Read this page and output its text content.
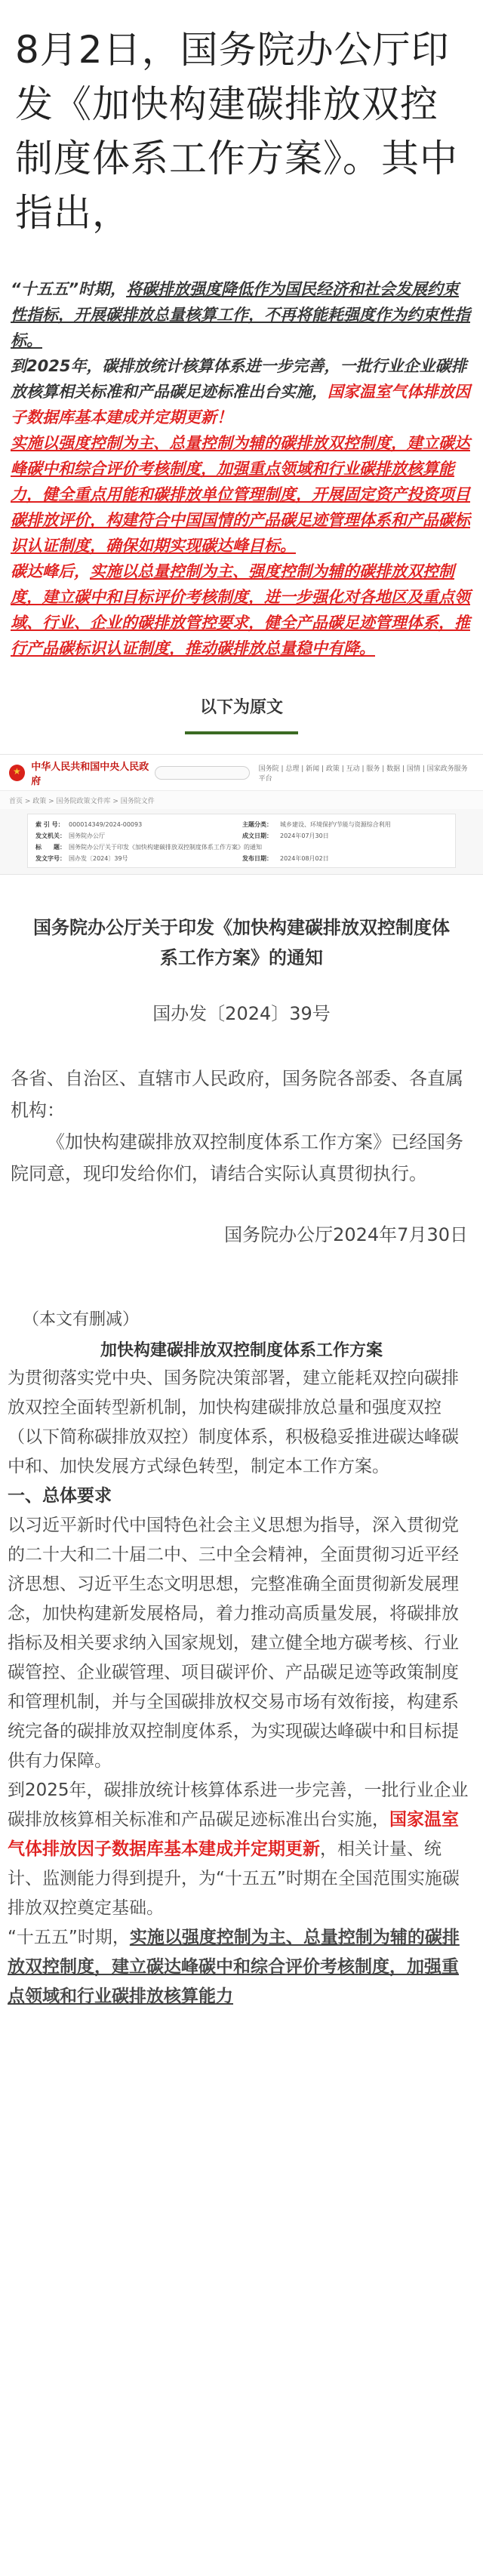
8月2日，国务院办公厅印发《加快构建碳排放双控制度体系工作方案》。其中指出，

“十五五”时期，将碳排放强度降低作为国民经济和社会发展约束性指标，开展碳排放总量核算工作，不再将能耗强度作为约束性指标。

到2025年，碳排放统计核算体系进一步完善，一批行业企业碳排放核算相关标准和产品碳足迹标准出台实施，国家温室气体排放因子数据库基本建成并定期更新！

实施以强度控制为主、总量控制为辅的碳排放双控制度，建立碳达峰碳中和综合评价考核制度，加强重点领域和行业碳排放核算能力，健全重点用能和碳排放单位管理制度，开展固定资产投资项目碳排放评价，构建符合中国国情的产品碳足迹管理体系和产品碳标识认证制度，确保如期实现碳达峰目标。

碳达峰后，实施以总量控制为主、强度控制为辅的碳排放双控制度，建立碳中和目标评价考核制度，进一步强化对各地区及重点领域、行业、企业的碳排放管控要求，健全产品碳足迹管理体系，推行产品碳标识认证制度，推动碳排放总量稳中有降。

以下为原文
★
中华人民共和国中央人民政府
国务院 | 总理 | 新闻 | 政策 | 互动 | 服务 | 数据 | 国情 | 国家政务服务平台
首页 > 政策 > 国务院政策文件库 > 国务院文件
索 引 号： 000014349/2024-00093	主题分类：	城乡建设、环境保护/节能与资源综合利用
发文机关： 国务院办公厅	成文日期：	2024年07月30日
标　　题： 国务院办公厅关于印发《加快构建碳排放双控制度体系工作方案》的通知
发文字号： 国办发〔2024〕39号	发布日期：	2024年08月02日
国务院办公厅关于印发《加快构建碳排放双控制度体系工作方案》的通知
国办发〔2024〕39号
各省、自治区、直辖市人民政府，国务院各部委、各直属机构：
《加快构建碳排放双控制度体系工作方案》已经国务院同意，现印发给你们，请结合实际认真贯彻执行。
国务院办公厅2024年7月30日
（本文有删减）
加快构建碳排放双控制度体系工作方案

为贯彻落实党中央、国务院决策部署，建立能耗双控向碳排放双控全面转型新机制，加快构建碳排放总量和强度双控（以下简称碳排放双控）制度体系，积极稳妥推进碳达峰碳中和、加快发展方式绿色转型，制定本工作方案。

一、总体要求

以习近平新时代中国特色社会主义思想为指导，深入贯彻党的二十大和二十届二中、三中全会精神，全面贯彻习近平经济思想、习近平生态文明思想，完整准确全面贯彻新发展理念，加快构建新发展格局，着力推动高质量发展，将碳排放指标及相关要求纳入国家规划，建立健全地方碳考核、行业碳管控、企业碳管理、项目碳评价、产品碳足迹等政策制度和管理机制，并与全国碳排放权交易市场有效衔接，构建系统完备的碳排放双控制度体系，为实现碳达峰碳中和目标提供有力保障。

到2025年，碳排放统计核算体系进一步完善，一批行业企业碳排放核算相关标准和产品碳足迹标准出台实施，国家温室气体排放因子数据库基本建成并定期更新，相关计量、统计、监测能力得到提升，为“十五五”时期在全国范围实施碳排放双控奠定基础。

“十五五”时期，实施以强度控制为主、总量控制为辅的碳排放双控制度，建立碳达峰碳中和综合评价考核制度，加强重点领域和行业碳排放核算能力
